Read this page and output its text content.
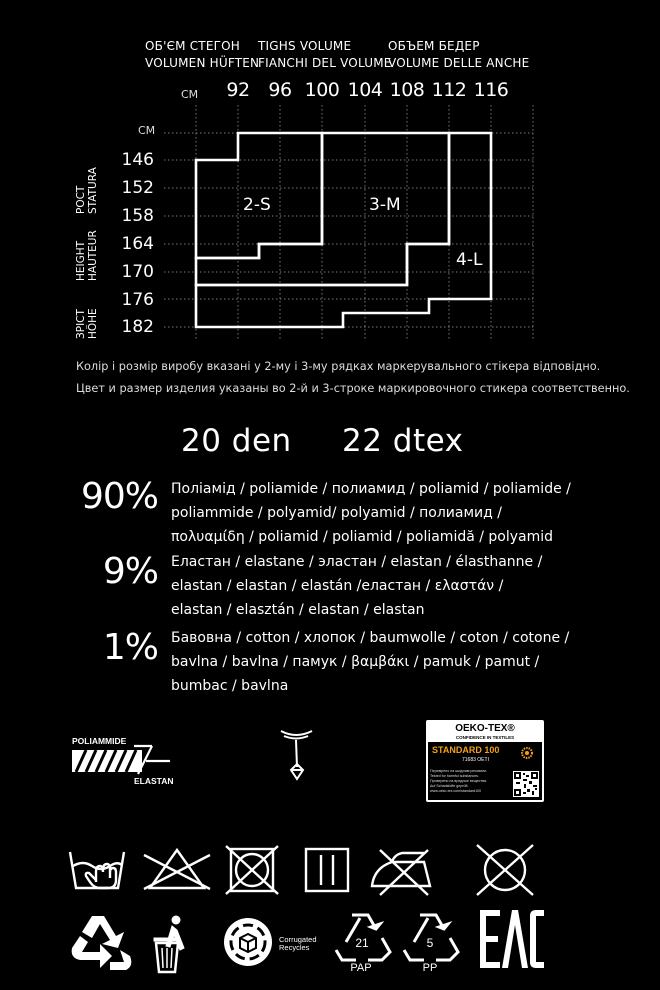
ОБ'ЄМ СТЕГОН
VOLUMEN HÜFTEN
TIGHS VOLUME
FIANCHI DEL VOLUME
ОБЪЕМ БЕДЕР
VOLUME DELLE ANCHE
СМ
СМ
92 96 100 104 108 112 116
146
152
158
164
170
176
182
РОСТ STATURA
HEIGHT HAUTEUR
ЗРІСТ HÖHE
2-S	3-M
4-L
Колір і розмір виробу вказані у 2-му і 3-му рядках маркерувального стікера відповідно.
Цвет и размер изделия указаны во 2-й и 3-строке маркировочного стикера соответственно.
20 den 22 dtex
90% Поліамід / poliamide / полиамид / poliamid / poliamide /
poliammide / polyamid/ polyamid / полиамид /
πολυαμίδη / poliamid / poliamid / poliamidă / polyamid
9% Еластан / elastane / эластан / elastan / élasthanne /
elastan / elastan / elastán /еластан / ελαστάν /
elastan / elasztán / elastan / elastan
1% Бавовна / cotton / хлопок / baumwolle / coton / cotone /
bavlna / bavlna / памук / βαμβάκι / pamuk / pamut /
bumbac / bavlna
POLIAMMIDE
ELASTAN
OEKO-TEX®
CONFIDENCE IN TEXTILES
STANDARD 100
71683 OETI
Перевірено на шкідливі речовини.
Tested for harmful substances.
Проверено на вредные вещества.
Auf Schadstoffe geprüft.
www.oeko-tex.com/standard100
Corrugated
Recycles	21
PAP
5
PP
